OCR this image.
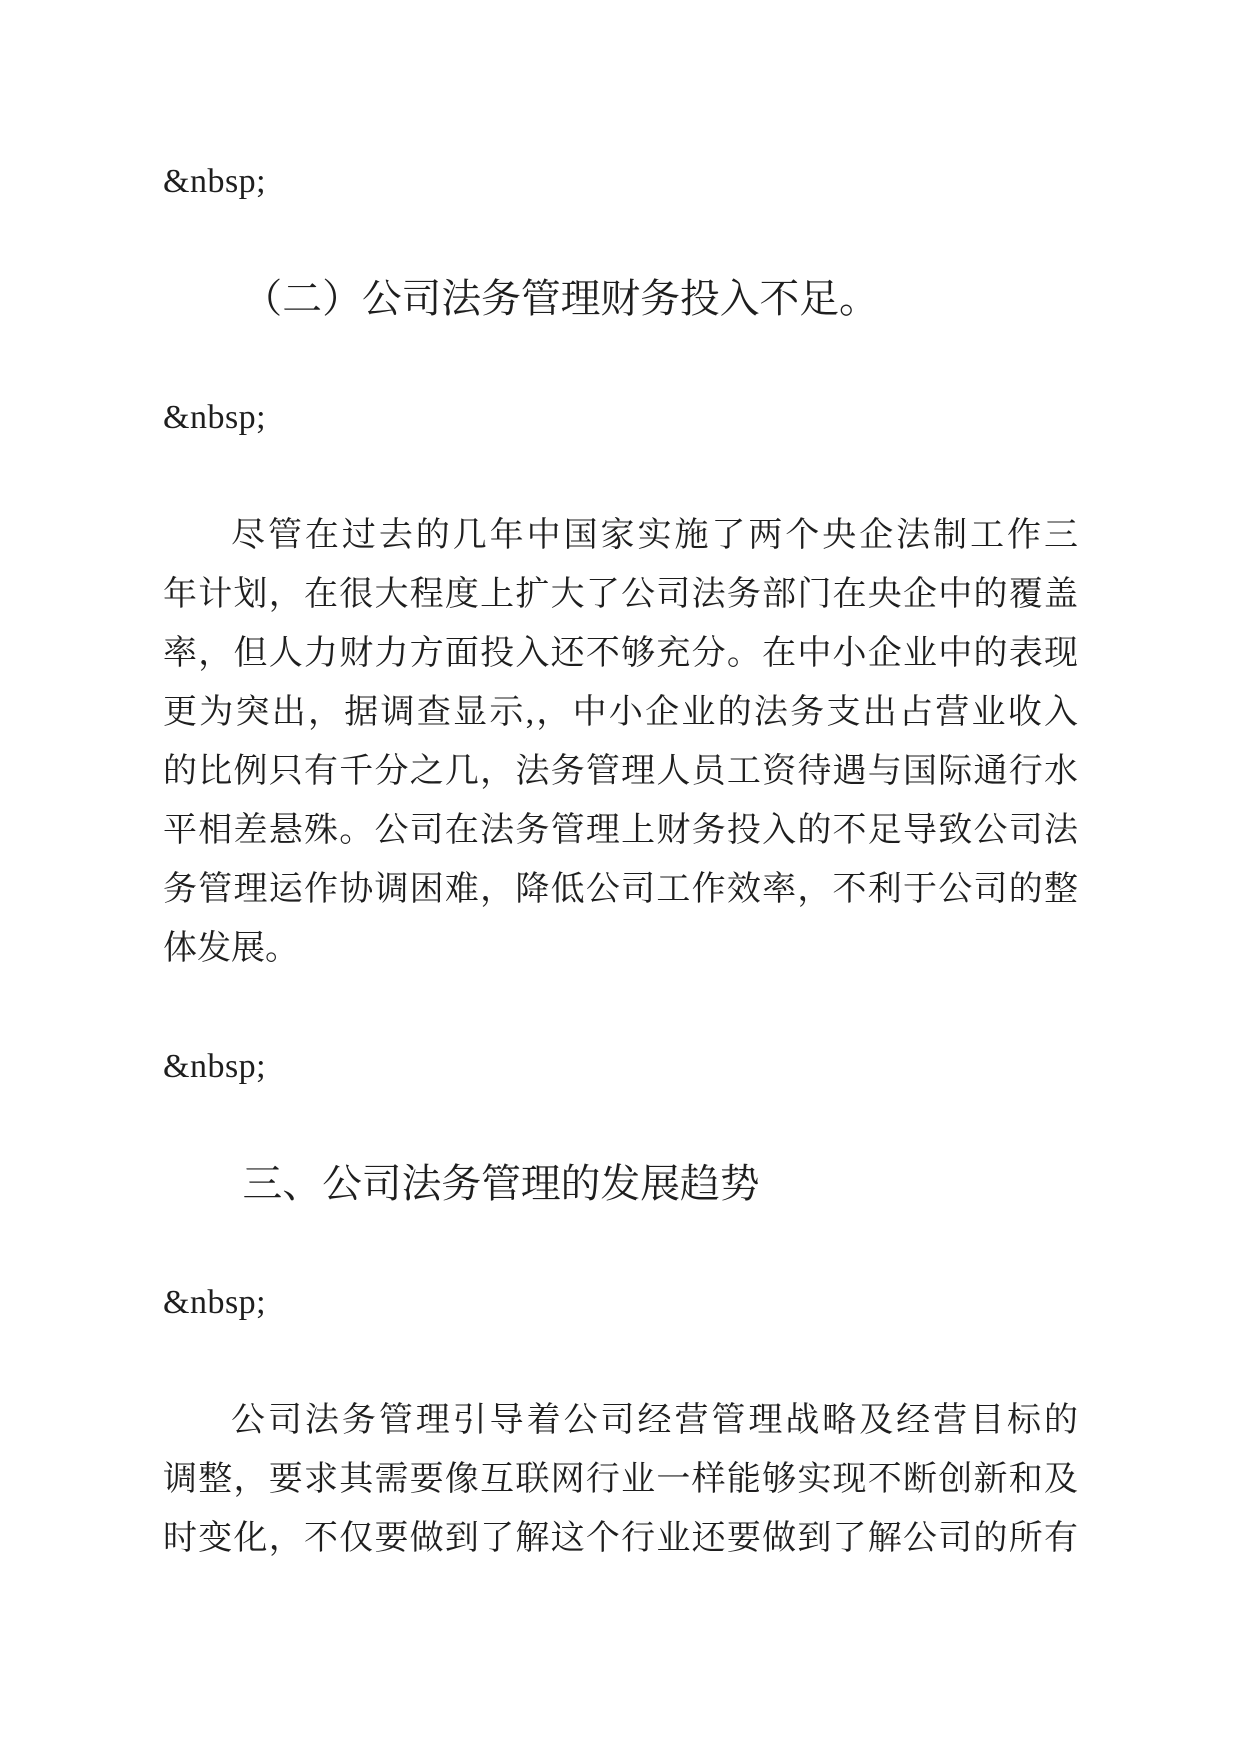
&nbsp;

（二）公司法务管理财务投入不足。

&nbsp;

尽管在过去的几年中国家实施了两个央企法制工作三
年计划，在很大程度上扩大了公司法务部门在央企中的覆盖
率，但人力财力方面投入还不够充分。在中小企业中的表现
更为突出，据调查显示,，中小企业的法务支出占营业收入
的比例只有千分之几，法务管理人员工资待遇与国际通行水
平相差悬殊。公司在法务管理上财务投入的不足导致公司法
务管理运作协调困难，降低公司工作效率，不利于公司的整
体发展。

&nbsp;

三、公司法务管理的发展趋势

&nbsp;

公司法务管理引导着公司经营管理战略及经营目标的
调整，要求其需要像互联网行业一样能够实现不断创新和及
时变化，不仅要做到了解这个行业还要做到了解公司的所有
